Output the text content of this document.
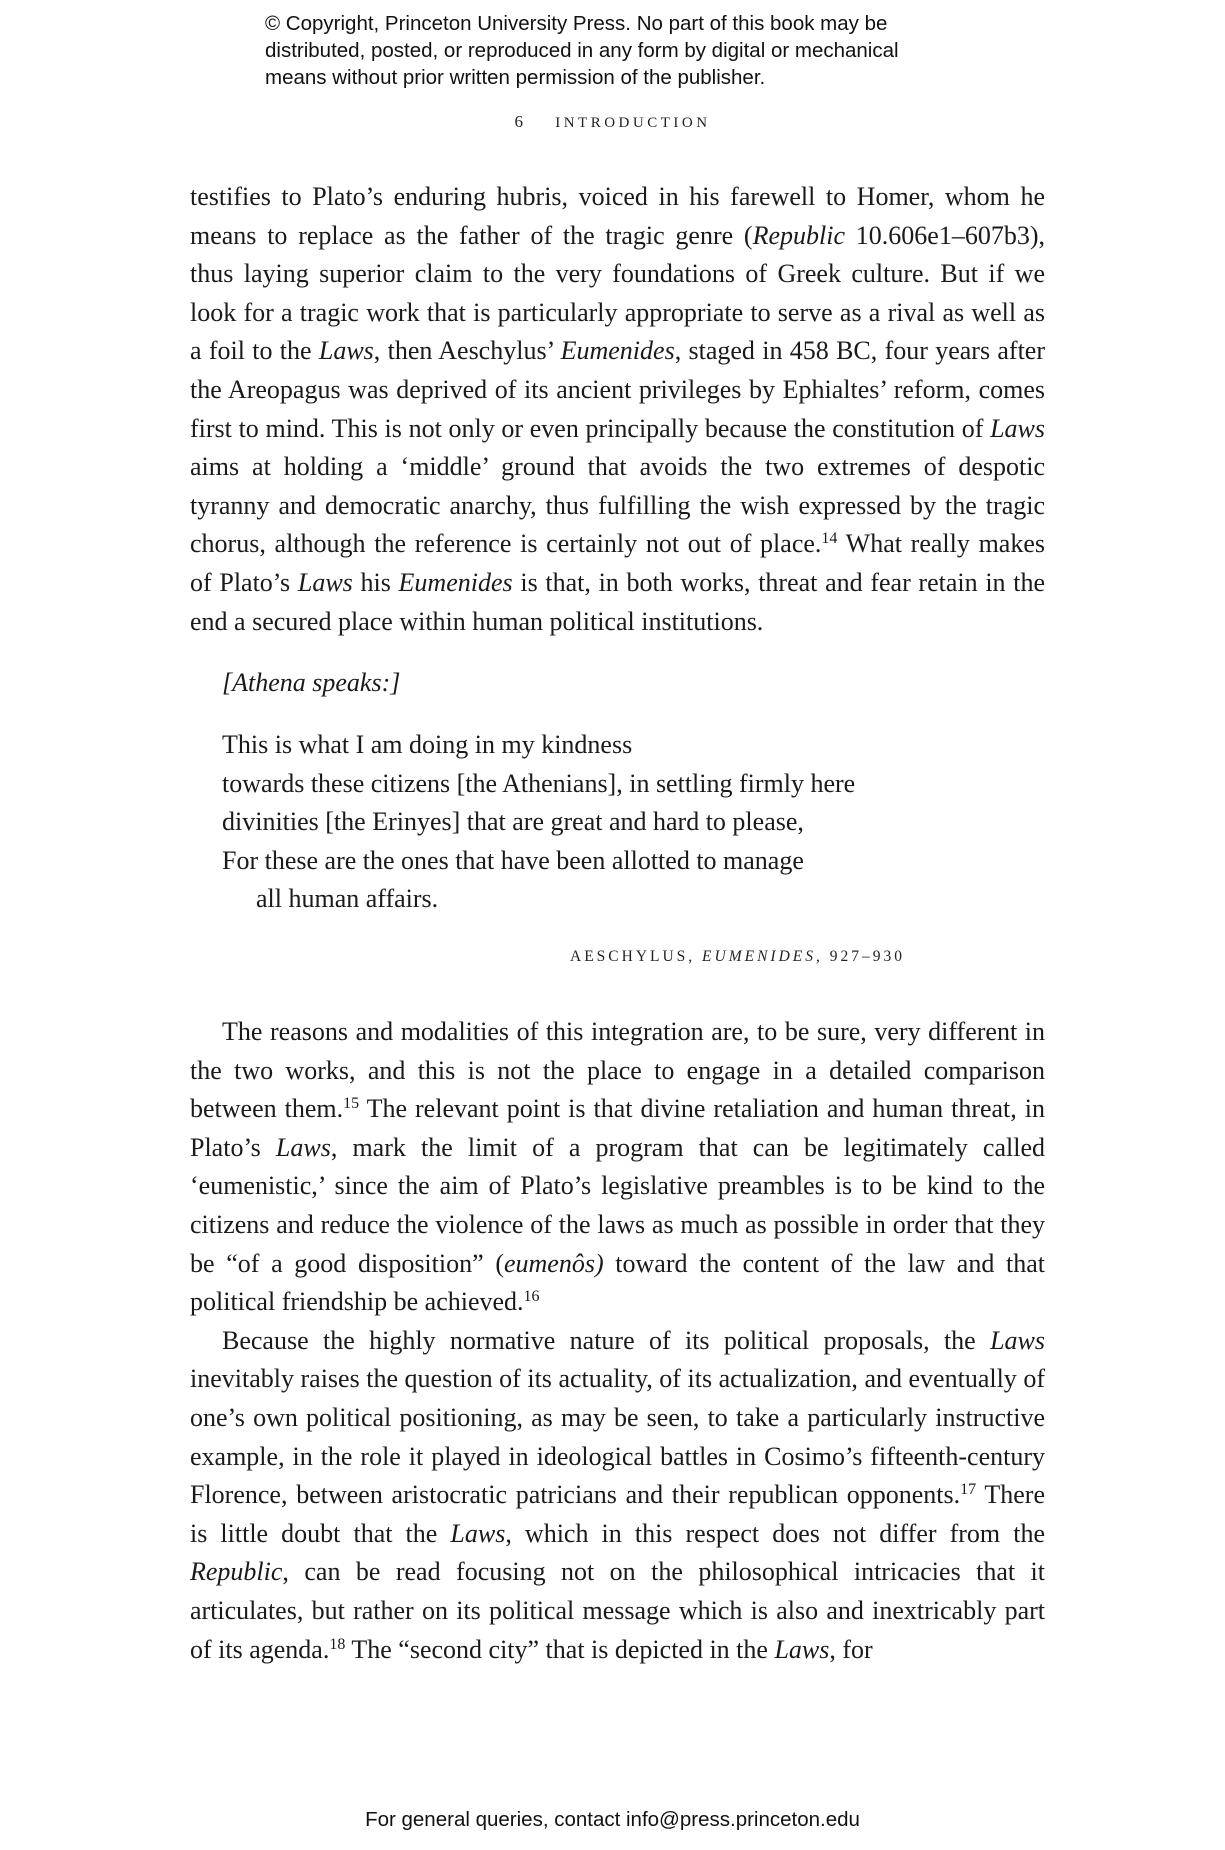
© Copyright, Princeton University Press. No part of this book may be
distributed, posted, or reproduced in any form by digital or mechanical
means without prior written permission of the publisher.
6 INTRODUCTION

testifies to Plato’s enduring hubris, voiced in his farewell to Homer, whom he means to replace as the father of the tragic genre (Republic 10.606e1–607b3), thus laying superior claim to the very foundations of Greek culture. But if we look for a tragic work that is particularly appropriate to serve as a rival as well as a foil to the Laws, then Aeschylus’ Eumenides, staged in 458 BC, four years after the Areopagus was deprived of its ancient privileges by Ephialtes’ reform, comes first to mind. This is not only or even principally because the constitution of Laws aims at holding a ‘middle’ ground that avoids the two extremes of despotic tyranny and democratic anarchy, thus fulfilling the wish expressed by the tragic chorus, although the reference is certainly not out of place.$^{14}$ What really makes of Plato’s Laws his Eumenides is that, in both works, threat and fear retain in the end a secured place within human political institutions.

[Athena speaks:]
This is what I am doing in my kindness
towards these citizens [the Athenians], in settling firmly here
divinities [the Erinyes] that are great and hard to please,
For these are the ones that have been allotted to manage
all human affairs.
AESCHYLUS, EUMENIDES, 927–930

The reasons and modalities of this integration are, to be sure, very different in the two works, and this is not the place to engage in a detailed comparison between them.$^{15}$ The relevant point is that divine retaliation and human threat, in Plato’s Laws, mark the limit of a program that can be legitimately called ‘eumenistic,’ since the aim of Plato’s legislative preambles is to be kind to the citizens and reduce the violence of the laws as much as possible in order that they be “of a good disposition” (eumenôs) toward the content of the law and that political friendship be achieved.$^{16}$

Because the highly normative nature of its political proposals, the Laws inevitably raises the question of its actuality, of its actualization, and eventually of one’s own political positioning, as may be seen, to take a particularly instructive example, in the role it played in ideological battles in Cosimo’s fifteenth-century Florence, between aristocratic patricians and their republican opponents.$^{17}$ There is little doubt that the Laws, which in this respect does not differ from the Republic, can be read focusing not on the philosophical intricacies that it articulates, but rather on its political message which is also and inextricably part of its agenda.$^{18}$ The “second city” that is depicted in the Laws, for

For general queries, contact info@press.princeton.edu
